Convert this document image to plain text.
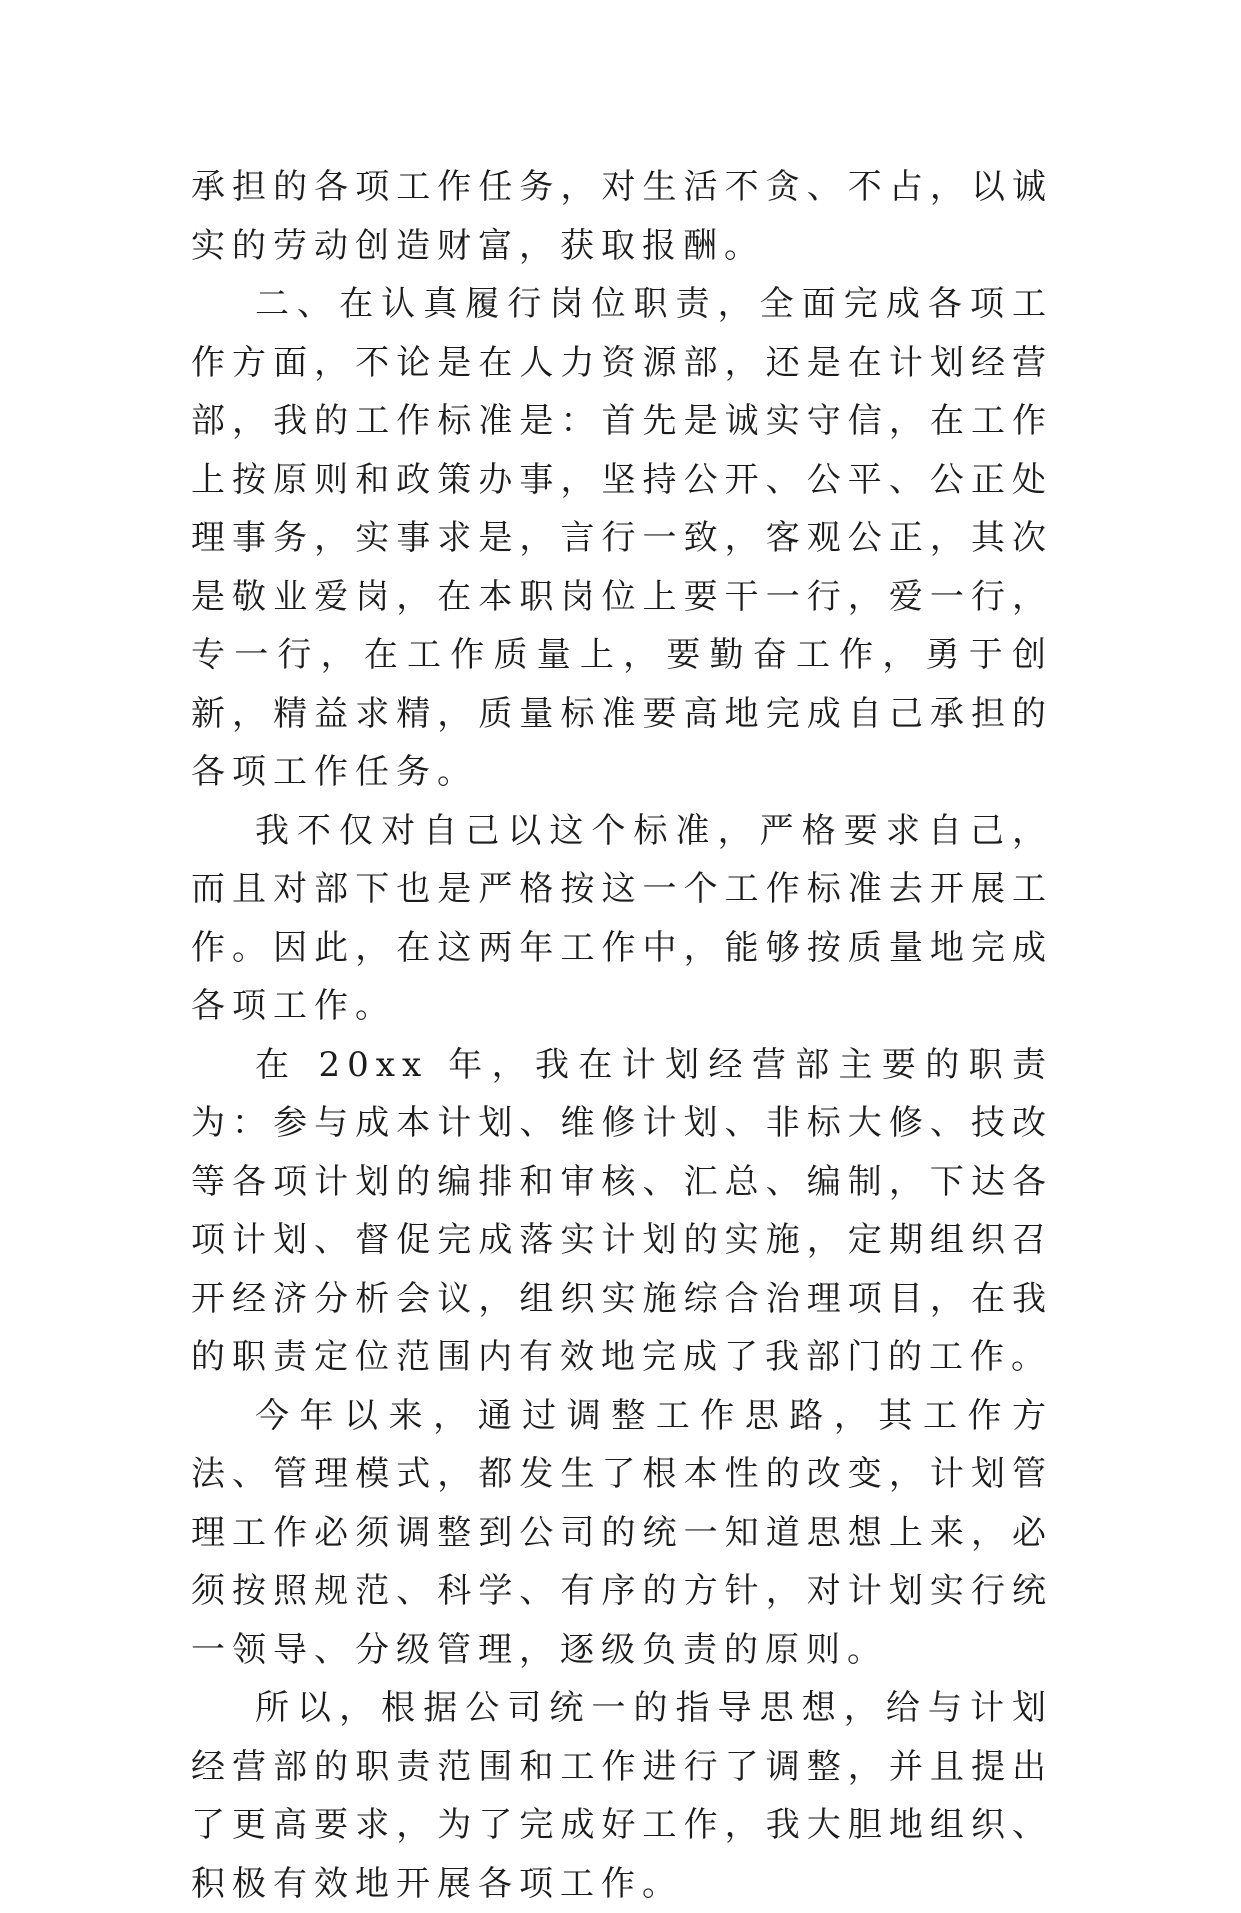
承担的各项工作任务，对生活不贪、不占，以诚实的劳动创造财富，获取报酬。

二、在认真履行岗位职责，全面完成各项工作方面，不论是在人力资源部，还是在计划经营部，我的工作标准是：首先是诚实守信，在工作上按原则和政策办事，坚持公开、公平、公正处理事务，实事求是，言行一致，客观公正，其次是敬业爱岗，在本职岗位上要干一行，爱一行，专一行，在工作质量上，要勤奋工作，勇于创新，精益求精，质量标准要高地完成自己承担的各项工作任务。

我不仅对自己以这个标准，严格要求自己，而且对部下也是严格按这一个工作标准去开展工作。因此，在这两年工作中，能够按质量地完成各项工作。

在 20xx 年，我在计划经营部主要的职责为：参与成本计划、维修计划、非标大修、技改等各项计划的编排和审核、汇总、编制，下达各项计划、督促完成落实计划的实施，定期组织召开经济分析会议，组织实施综合治理项目，在我的职责定位范围内有效地完成了我部门的工作。

今年以来，通过调整工作思路，其工作方法、管理模式，都发生了根本性的改变，计划管理工作必须调整到公司的统一知道思想上来，必须按照规范、科学、有序的方针，对计划实行统一领导、分级管理，逐级负责的原则。

所以，根据公司统一的指导思想，给与计划经营部的职责范围和工作进行了调整，并且提出了更高要求，为了完成好工作，我大胆地组织、积极有效地开展各项工作。
